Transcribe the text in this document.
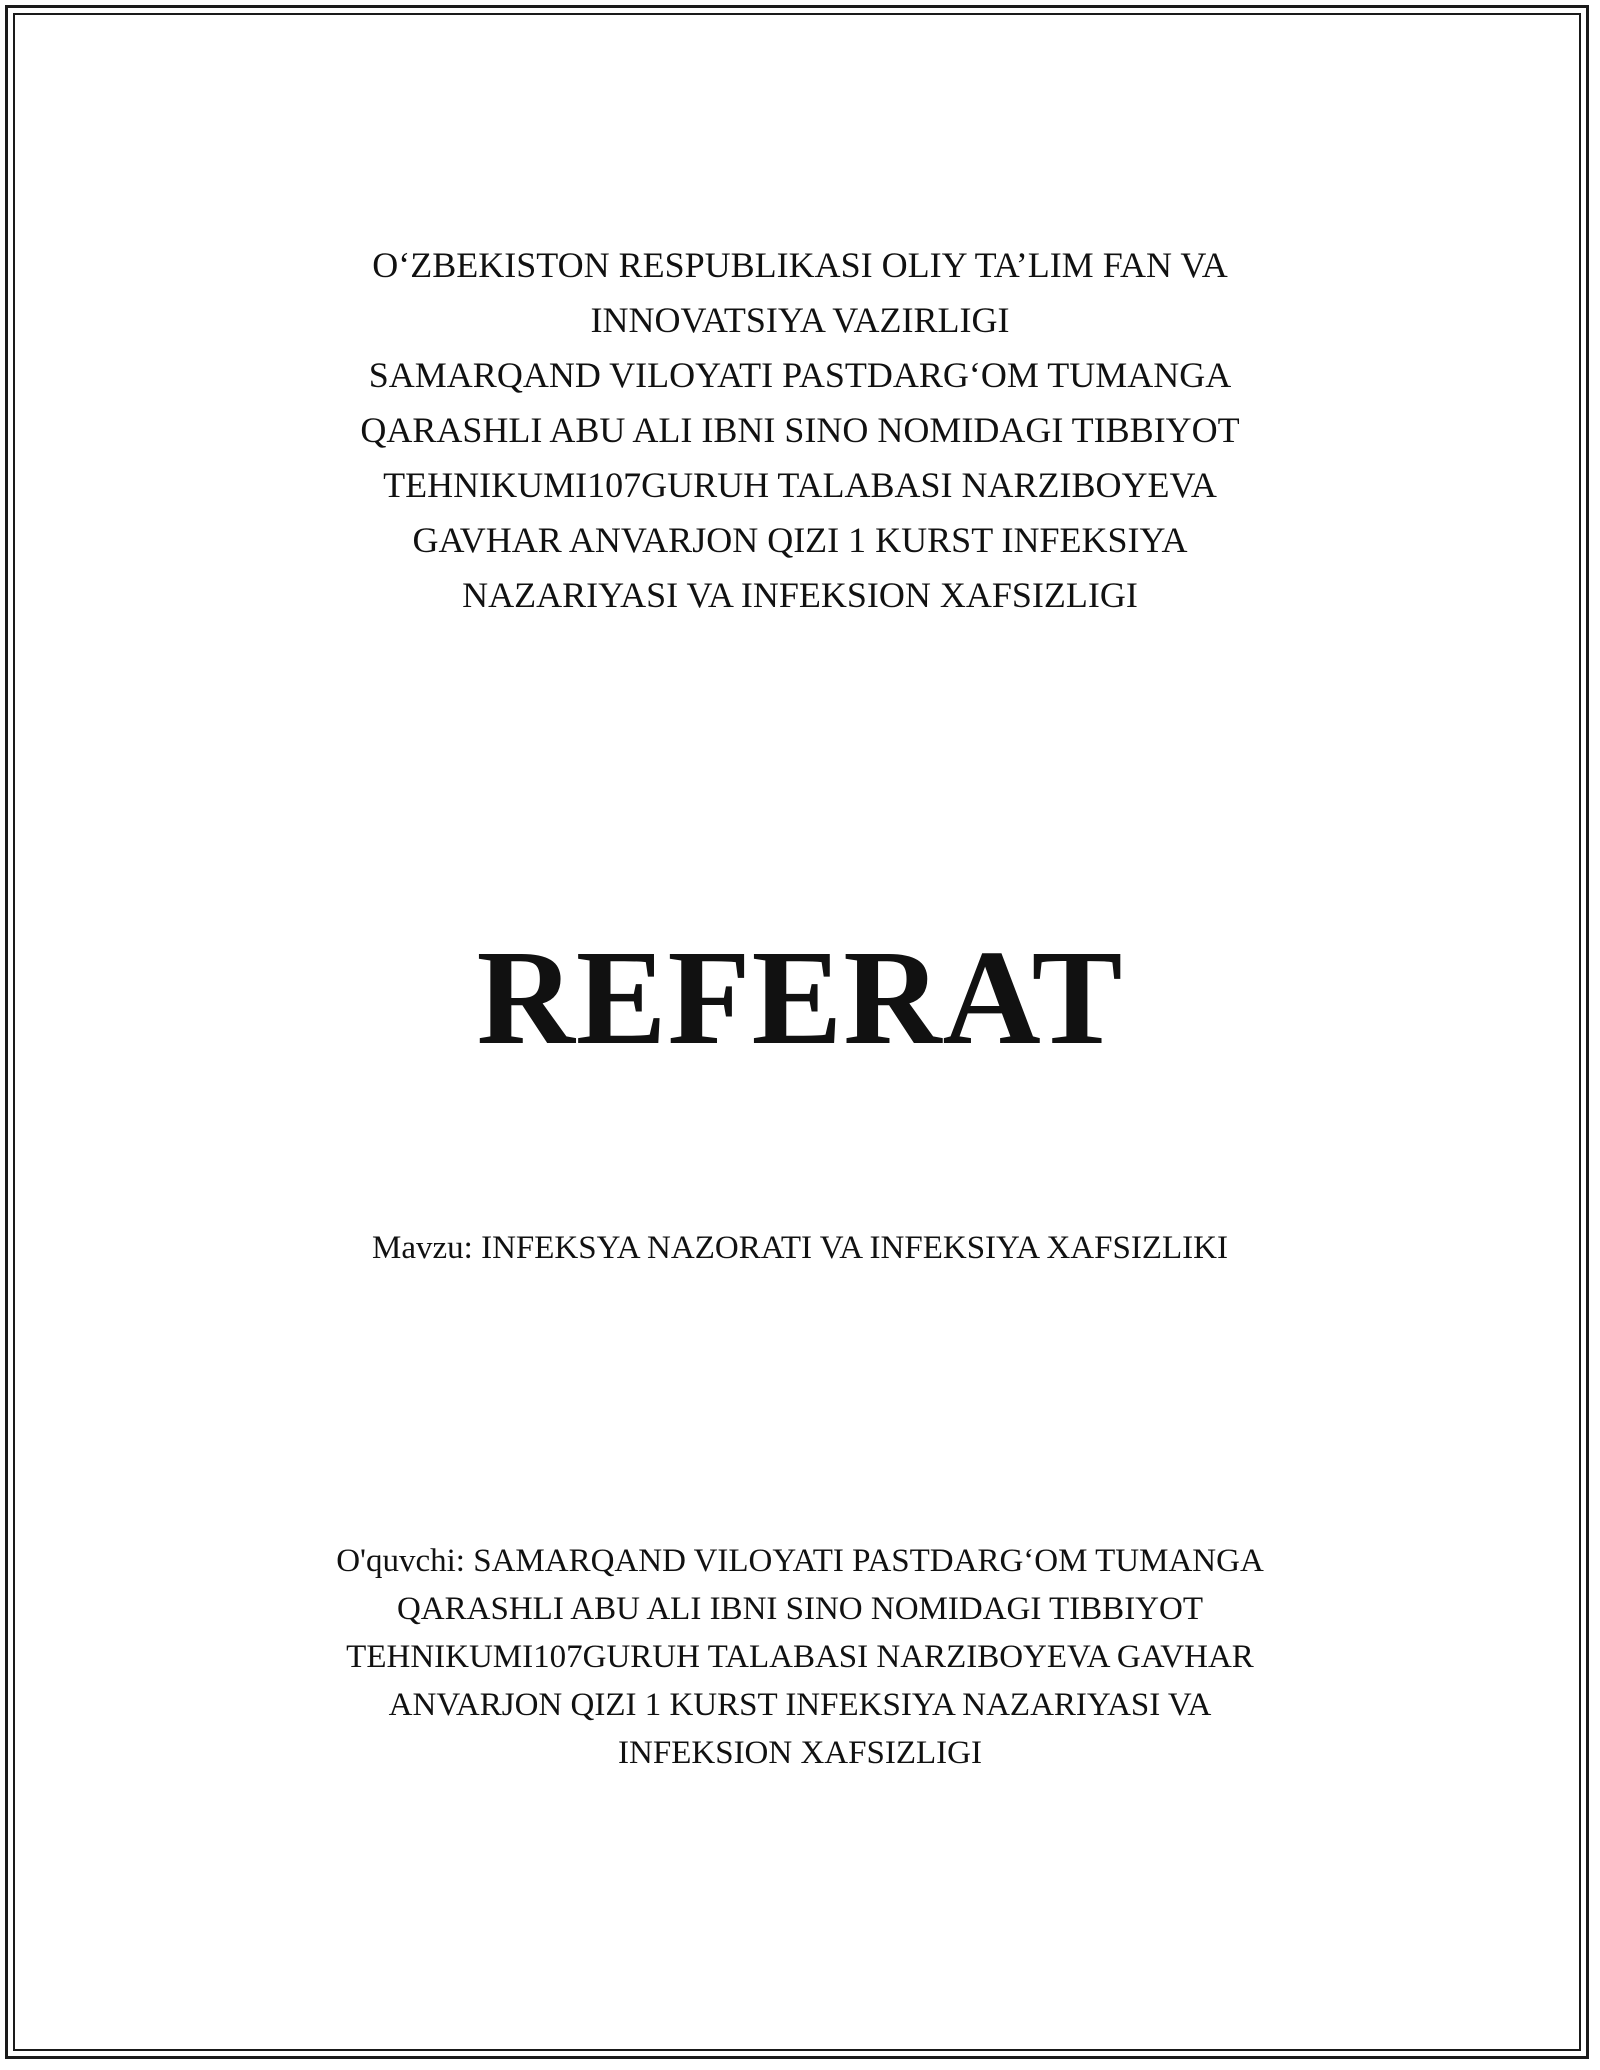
O‘ZBEKISTON RESPUBLIKASI OLIY TA’LIM FAN VA
INNOVATSIYA VAZIRLIGI
SAMARQAND VILOYATI PASTDARG‘OM TUMANGA
QARASHLI ABU ALI IBNI SINO NOMIDAGI TIBBIYOT
TEHNIKUMI107GURUH TALABASI NARZIBOYEVA
GAVHAR ANVARJON QIZI 1 KURST INFEKSIYA
NAZARIYASI VA INFEKSION XAFSIZLIGI
REFERAT
Mavzu: INFEKSYA NAZORATI VA INFEKSIYA XAFSIZLIKI
O'quvchi: SAMARQAND VILOYATI PASTDARG‘OM TUMANGA
QARASHLI ABU ALI IBNI SINO NOMIDAGI TIBBIYOT
TEHNIKUMI107GURUH TALABASI NARZIBOYEVA GAVHAR
ANVARJON QIZI 1 KURST INFEKSIYA NAZARIYASI VA
INFEKSION XAFSIZLIGI
